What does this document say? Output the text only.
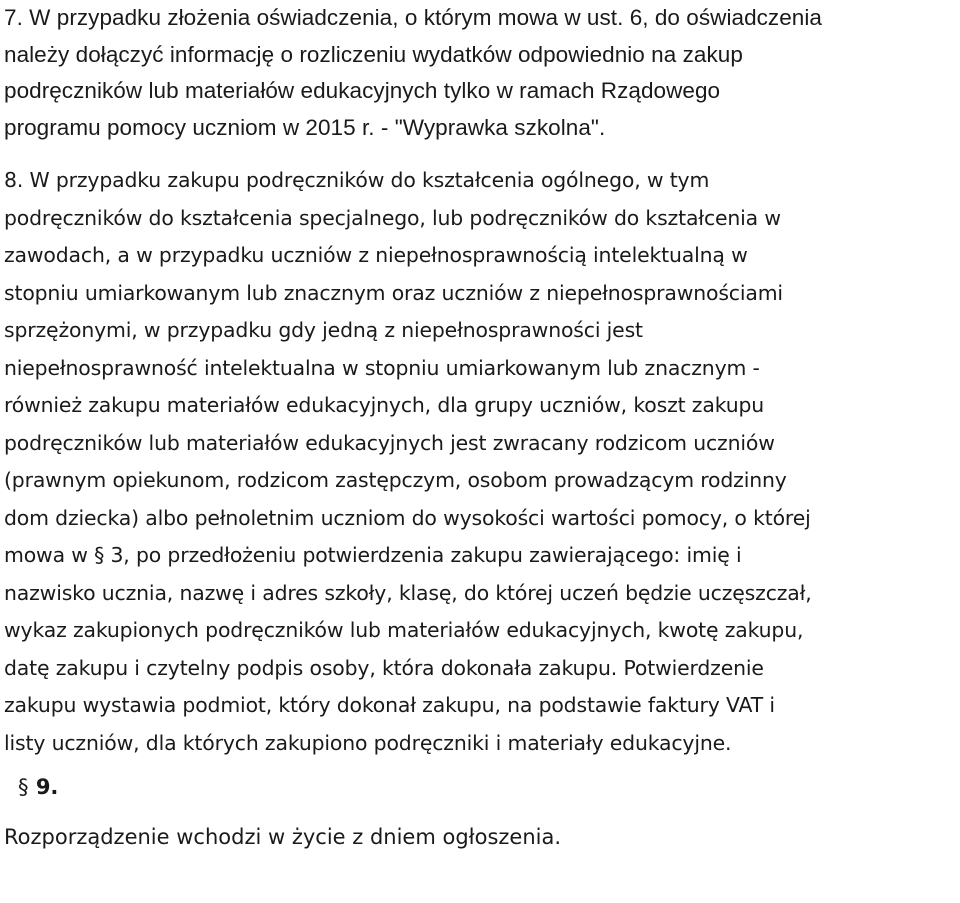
7. W przypadku złożenia oświadczenia, o którym mowa w ust. 6, do oświadczenia
należy dołączyć informację o rozliczeniu wydatków odpowiednio na zakup
podręczników lub materiałów edukacyjnych tylko w ramach Rządowego
programu pomocy uczniom w 2015 r. - "Wyprawka szkolna".

8. W przypadku zakupu podręczników do kształcenia ogólnego, w tym
podręczników do kształcenia specjalnego, lub podręczników do kształcenia w
zawodach, a w przypadku uczniów z niepełnosprawnością intelektualną w
stopniu umiarkowanym lub znacznym oraz uczniów z niepełnosprawnościami
sprzężonymi, w przypadku gdy jedną z niepełnosprawności jest
niepełnosprawność intelektualna w stopniu umiarkowanym lub znacznym -
również zakupu materiałów edukacyjnych, dla grupy uczniów, koszt zakupu
podręczników lub materiałów edukacyjnych jest zwracany rodzicom uczniów
(prawnym opiekunom, rodzicom zastępczym, osobom prowadzącym rodzinny
dom dziecka) albo pełnoletnim uczniom do wysokości wartości pomocy, o której
mowa w § 3, po przedłożeniu potwierdzenia zakupu zawierającego: imię i
nazwisko ucznia, nazwę i adres szkoły, klasę, do której uczeń będzie uczęszczał,
wykaz zakupionych podręczników lub materiałów edukacyjnych, kwotę zakupu,
datę zakupu i czytelny podpis osoby, która dokonała zakupu. Potwierdzenie
zakupu wystawia podmiot, który dokonał zakupu, na podstawie faktury VAT i
listy uczniów, dla których zakupiono podręczniki i materiały edukacyjne.

§ 9.

Rozporządzenie wchodzi w życie z dniem ogłoszenia.
